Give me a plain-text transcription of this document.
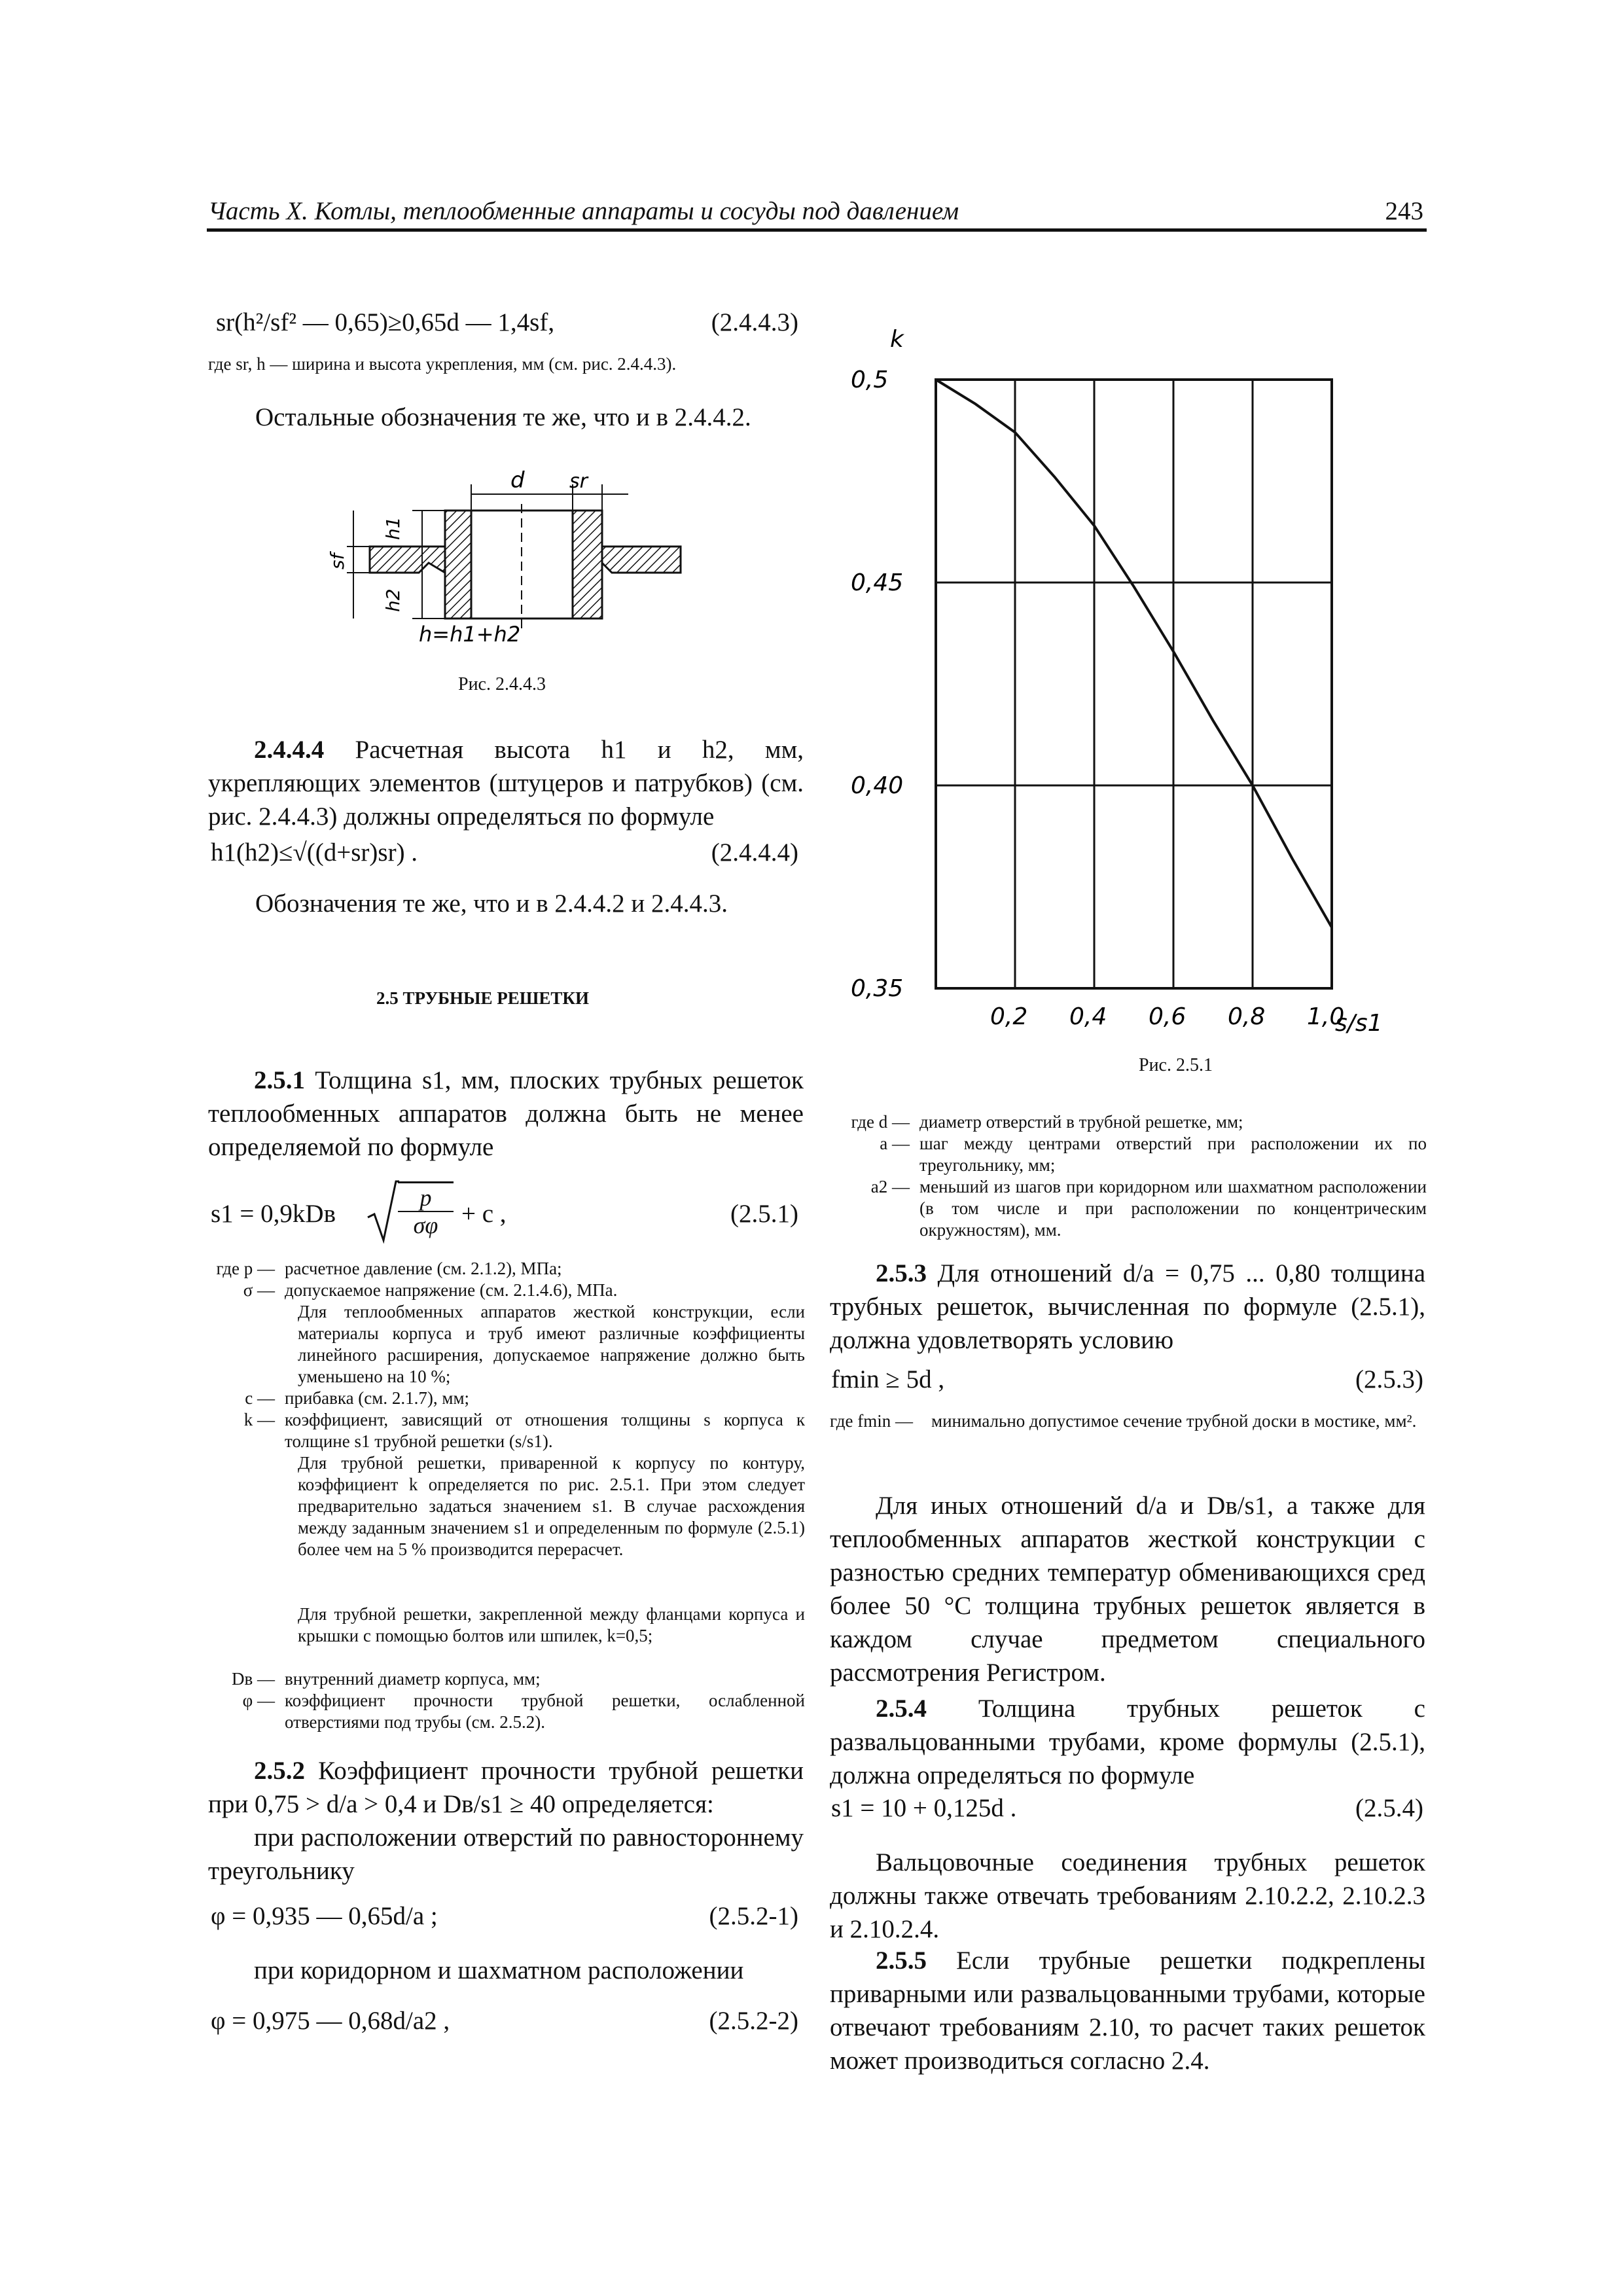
Часть X. Котлы, теплообменные аппараты и сосуды под давлением	243
sr(h²/sf² — 0,65)≥0,65d — 1,4sf,	(2.4.4.3)
где sr, h — ширина и высота укрепления, мм (см. рис. 2.4.4.3).
Остальные обозначения те же, что и в 2.4.4.2.
d sr
h1
sf
h2
h=h1+h2
Рис. 2.4.4.3
2.4.4.4 Расчетная высота h1 и h2, мм, укрепляющих элементов (штуцеров и патрубков) (см. рис. 2.4.4.3) должны определяться по формуле
h1(h2)≤√((d+sr)sr) .	(2.4.4.4)
Обозначения те же, что и в 2.4.4.2 и 2.4.4.3.
2.5 ТРУБНЫЕ РЕШЕТКИ
2.5.1 Толщина s1, мм, плоских трубных решеток теплообменных аппаратов должна быть не менее определяемой по формуле
s1 = 0,9kDв	$\frac{p}{\sigma\varphi} + c$ ,	(2.5.1)
где p — расчетное давление (см. 2.1.2), МПа;
σ — допускаемое напряжение (см. 2.1.4.6), МПа.
Для теплообменных аппаратов жесткой конструкции, если материалы корпуса и труб имеют различные коэффициенты линейного расширения, допускаемое напряжение должно быть уменьшено на 10 %;
c — прибавка (см. 2.1.7), мм;
k — коэффициент, зависящий от отношения толщины s корпуса к толщине s1 трубной решетки (s/s1).
Для трубной решетки, приваренной к корпусу по контуру, коэффициент k определяется по рис. 2.5.1. При этом следует предварительно задаться значением s1. В случае расхождения между заданным значением s1 и определенным по формуле (2.5.1) более чем на 5 % производится перерасчет.
Для трубной решетки, закрепленной между фланцами корпуса и крышки с помощью болтов или шпилек, k=0,5;
Dв — внутренний диаметр корпуса, мм;
φ — коэффициент прочности трубной решетки, ослабленной отверстиями под трубы (см. 2.5.2).
2.5.2 Коэффициент прочности трубной решетки при 0,75 > d/a > 0,4 и Dв/s1 ≥ 40 определяется:
при расположении отверстий по равностороннему треугольнику
φ = 0,935 — 0,65d/a ;	(2.5.2-1)
при коридорном и шахматном расположении
φ = 0,975 — 0,68d/a2 ,	(2.5.2-2)
0,2 0,4 0,6 0,8 1,0
0,35
0,40
0,45
0,5
k
s/s1
Рис. 2.5.1
где d — диаметр отверстий в трубной решетке, мм;
a — шаг между центрами отверстий при расположении их по треугольнику, мм;
a2 — меньший из шагов при коридорном или шахматном расположении (в том числе и при расположении по концентрическим окружностям), мм.
2.5.3 Для отношений d/a = 0,75 ... 0,80 толщина трубных решеток, вычисленная по формуле (2.5.1), должна удовлетворять условию
fmin ≥ 5d ,	(2.5.3)
где fmin —	минимально допустимое сечение трубной доски в мостике, мм².
Для иных отношений d/a и Dв/s1, а также для теплообменных аппаратов жесткой конструкции с разностью средних температур обменивающихся сред более 50 °С толщина трубных решеток является в каждом случае предметом специального рассмотрения Регистром.
2.5.4 Толщина трубных решеток с развальцованными трубами, кроме формулы (2.5.1), должна определяться по формуле
s1 = 10 + 0,125d .	(2.5.4)
Вальцовочные соединения трубных решеток должны также отвечать требованиям 2.10.2.2, 2.10.2.3 и 2.10.2.4.
2.5.5 Если трубные решетки подкреплены приварными или развальцованными трубами, которые отвечают требованиям 2.10, то расчет таких решеток может производиться согласно 2.4.
